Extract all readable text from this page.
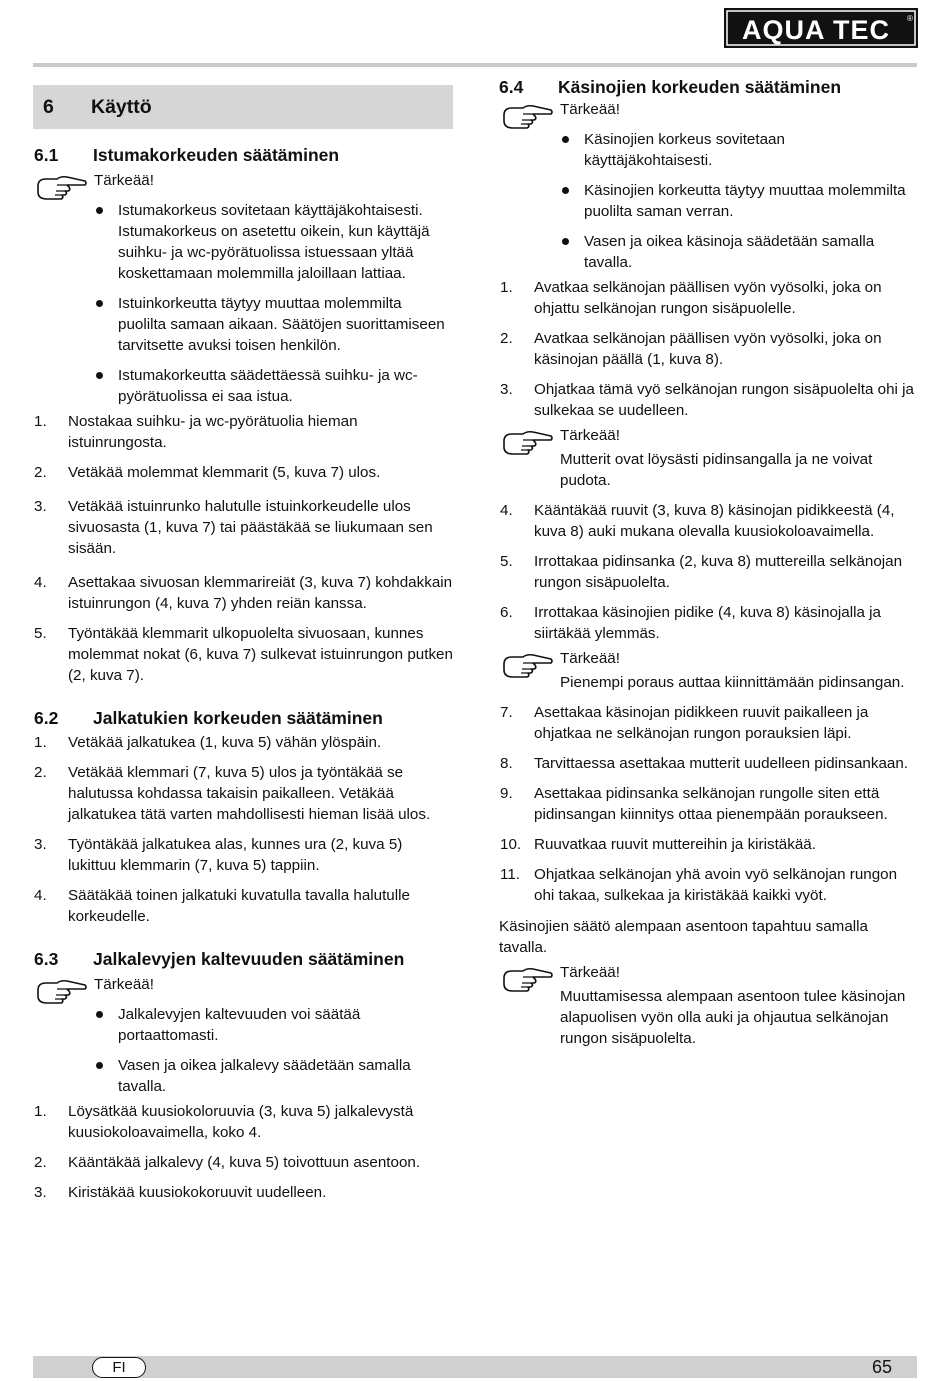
AQUA TEC ®
6	Käyttö
6.1	Istumakorkeuden säätäminen
Tärkeää!
Istumakorkeus sovitetaan käyttäjäkohtaisesti. Istumakorkeus on asetettu oikein, kun käyttäjä suihku- ja wc-pyörätuolissa istuessaan yltää koskettamaan molemmilla jaloillaan lattiaa.
Istuinkorkeutta täytyy muuttaa molemmilta puolilta samaan aikaan. Säätöjen suorittamiseen tarvitsette avuksi toisen henkilön.
Istumakorkeutta säädettäessä suihku- ja wc-pyörätuolissa ei saa istua.
1.	Nostakaa suihku- ja wc-pyörätuolia hieman istuinrungosta.
2.	Vetäkää molemmat klemmarit (5, kuva 7) ulos.
3.	Vetäkää istuinrunko halutulle istuinkorkeudelle ulos sivuosasta (1, kuva 7) tai päästäkää se liukumaan sen sisään.
4.	Asettakaa sivuosan klemmarireiät (3, kuva 7) kohdakkain istuinrungon (4, kuva 7) yhden reiän kanssa.
5.	Työntäkää klemmarit ulkopuolelta sivuosaan, kunnes molemmat nokat (6, kuva 7) sulkevat istuinrungon putken (2, kuva 7).
6.2	Jalkatukien korkeuden säätäminen
1.	Vetäkää jalkatukea (1, kuva 5) vähän ylöspäin.
2.	Vetäkää klemmari (7, kuva 5) ulos ja työntäkää se halutussa kohdassa takaisin paikalleen. Vetäkää jalkatukea tätä varten mahdollisesti hieman lisää ulos.
3.	Työntäkää jalkatukea alas, kunnes ura (2, kuva 5) lukittuu klemmarin (7, kuva 5) tappiin.
4.	Säätäkää toinen jalkatuki kuvatulla tavalla halutulle korkeudelle.
6.3	Jalkalevyjen kaltevuuden säätäminen
Tärkeää!
Jalkalevyjen kaltevuuden voi säätää portaattomasti.
Vasen ja oikea jalkalevy säädetään samalla tavalla.
1.	Löysätkää kuusiokoloruuvia (3, kuva 5) jalkalevystä kuusiokoloavaimella, koko 4.
2.	Kääntäkää jalkalevy (4, kuva 5) toivottuun asentoon.
3.	Kiristäkää kuusiokokoruuvit uudelleen.
6.4	Käsinojien korkeuden säätäminen
Tärkeää!
Käsinojien korkeus sovitetaan käyttäjäkohtaisesti.
Käsinojien korkeutta täytyy muuttaa molemmilta puolilta saman verran.
Vasen ja oikea käsinoja säädetään samalla tavalla.
1.	Avatkaa selkänojan päällisen vyön vyösolki, joka on ohjattu selkänojan rungon sisäpuolelle.
2.	Avatkaa selkänojan päällisen vyön vyösolki, joka on käsinojan päällä (1, kuva 8).
3.	Ohjatkaa tämä vyö selkänojan rungon sisäpuolelta ohi ja sulkekaa se uudelleen.
Tärkeää!
Mutterit ovat löysästi pidinsangalla ja ne voivat pudota.
4.	Kääntäkää ruuvit (3, kuva 8) käsinojan pidikkeestä (4, kuva 8) auki mukana olevalla kuusiokoloavaimella.
5.	Irrottakaa pidinsanka (2, kuva 8) muttereilla selkänojan rungon sisäpuolelta.
6.	Irrottakaa käsinojien pidike (4, kuva 8) käsinojalla ja siirtäkää ylemmäs.
Tärkeää!
Pienempi poraus auttaa kiinnittämään pidinsangan.
7.	Asettakaa käsinojan pidikkeen ruuvit paikalleen ja ohjatkaa ne selkänojan rungon porauksien läpi.
8.	Tarvittaessa asettakaa mutterit uudelleen pidinsankaan.
9.	Asettakaa pidinsanka selkänojan rungolle siten että pidinsangan kiinnitys ottaa pienempään poraukseen.
10. Ruuvatkaa ruuvit muttereihin ja kiristäkää.
11. Ohjatkaa selkänojan yhä avoin vyö selkänojan rungon ohi takaa, sulkekaa ja kiristäkää kaikki vyöt.
Käsinojien säätö alempaan asentoon tapahtuu samalla tavalla.
Tärkeää!
Muuttamisessa alempaan asentoon tulee käsinojan alapuolisen vyön olla auki ja ohjautua selkänojan rungon sisäpuolelta.
FI	65
